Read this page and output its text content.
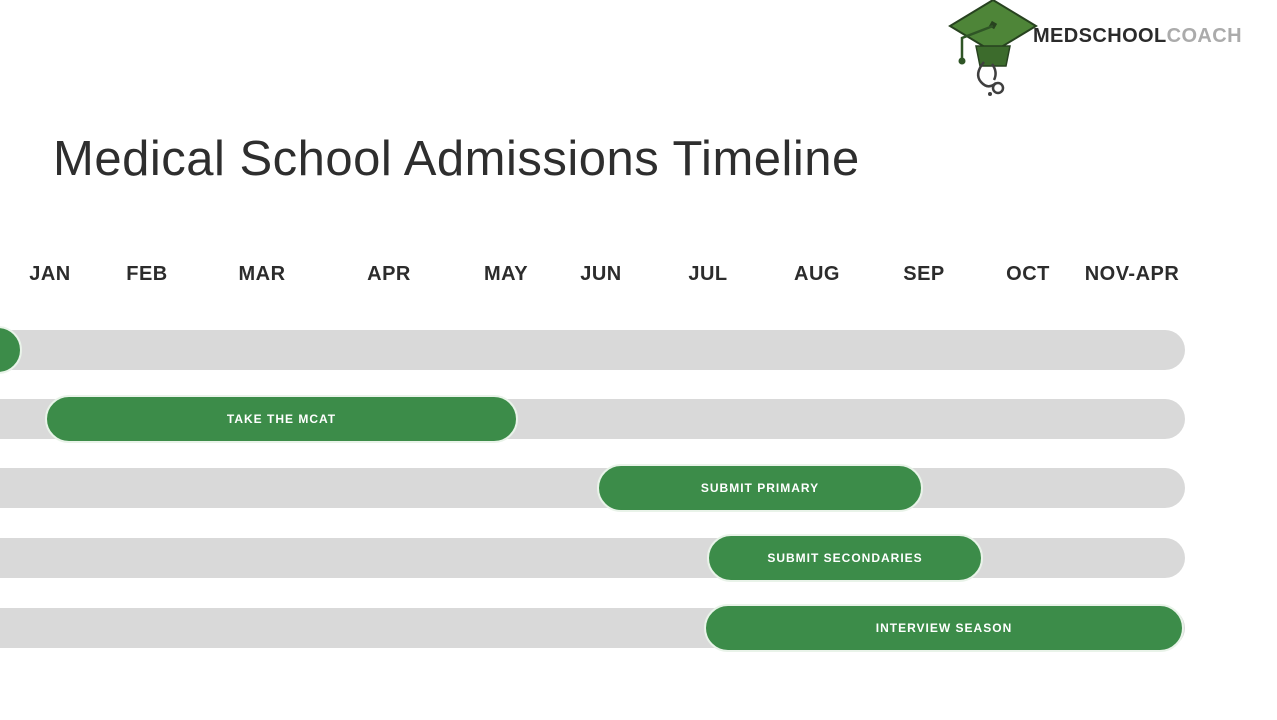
MEDSCHOOLCOACH
Medical School Admissions Timeline
JAN	FEB	MAR	APR	MAY	JUN	JUL	AUG	SEP	OCT NOV-APR
TAKE THE MCAT
SUBMIT PRIMARY
SUBMIT SECONDARIES
INTERVIEW SEASON
